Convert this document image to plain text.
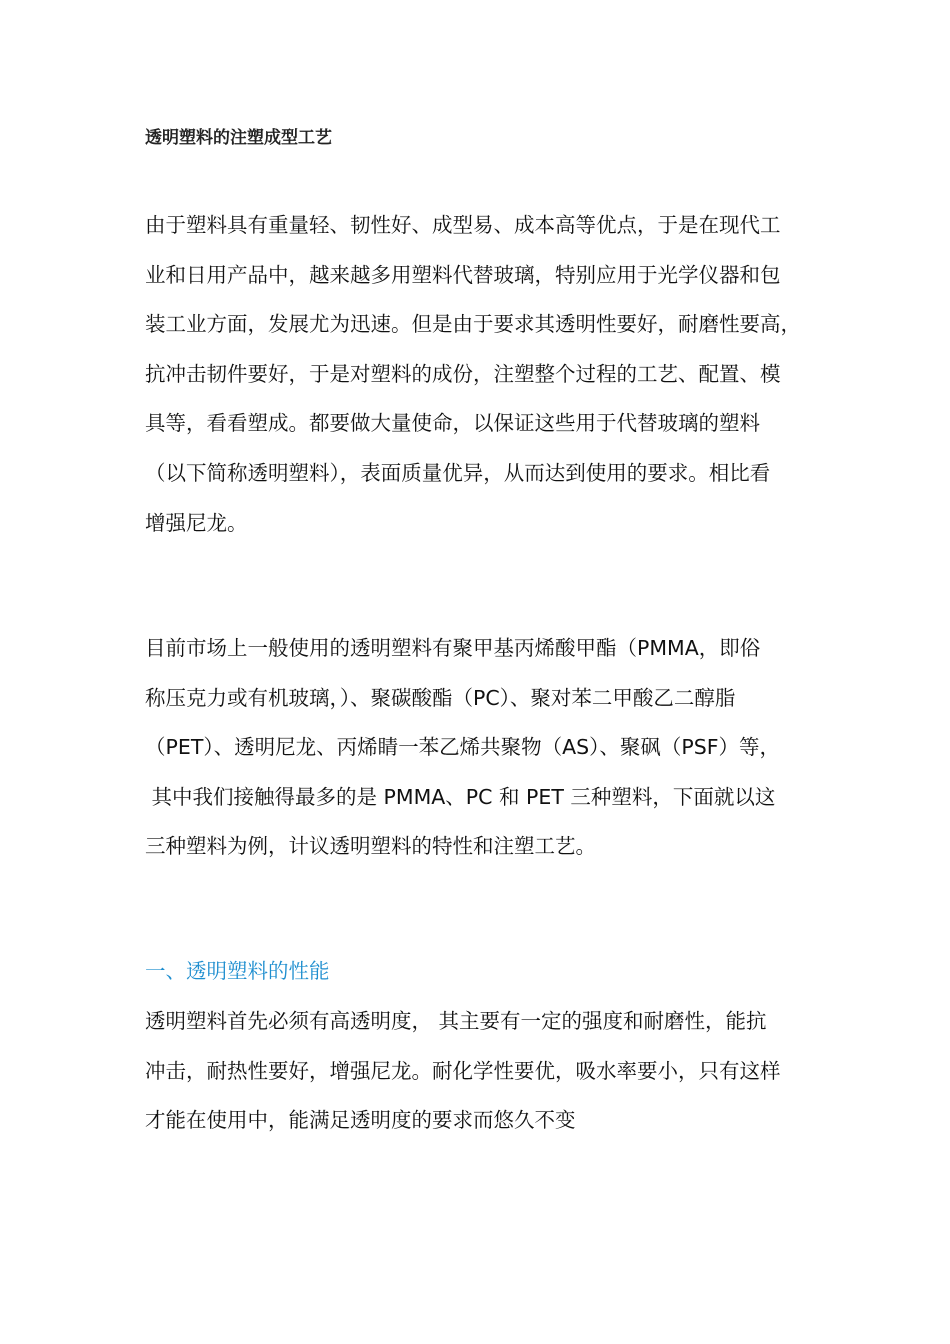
透明塑料的注塑成型工艺

由于塑料具有重量轻、韧性好、成型易、成本高等优点，于是在现代工
业和日用产品中，越来越多用塑料代替玻璃，特别应用于光学仪器和包
装工业方面，发展尤为迅速。但是由于要求其透明性要好，耐磨性要高，
抗冲击韧件要好，于是对塑料的成份，注塑整个过程的工艺、配置、模
具等，看看塑成。都要做大量使命，以保证这些用于代替玻璃的塑料
（以下简称透明塑料），表面质量优异，从而达到使用的要求。相比看
增强尼龙。

目前市场上一般使用的透明塑料有聚甲基丙烯酸甲酯（PMMA，即俗
称压克力或有机玻璃，）、聚碳酸酯（PC）、聚对苯二甲酸乙二醇脂
（PET）、透明尼龙、丙烯睛一苯乙烯共聚物（AS）、聚砜（PSF）等，
其中我们接触得最多的是 PMMA、PC 和 PET 三种塑料，下面就以这
三种塑料为例，计议透明塑料的特性和注塑工艺。

一、透明塑料的性能

透明塑料首先必须有高透明度， 其主要有一定的强度和耐磨性，能抗
冲击，耐热性要好，增强尼龙。耐化学性要优，吸水率要小，只有这样
才能在使用中，能满足透明度的要求而悠久不变
